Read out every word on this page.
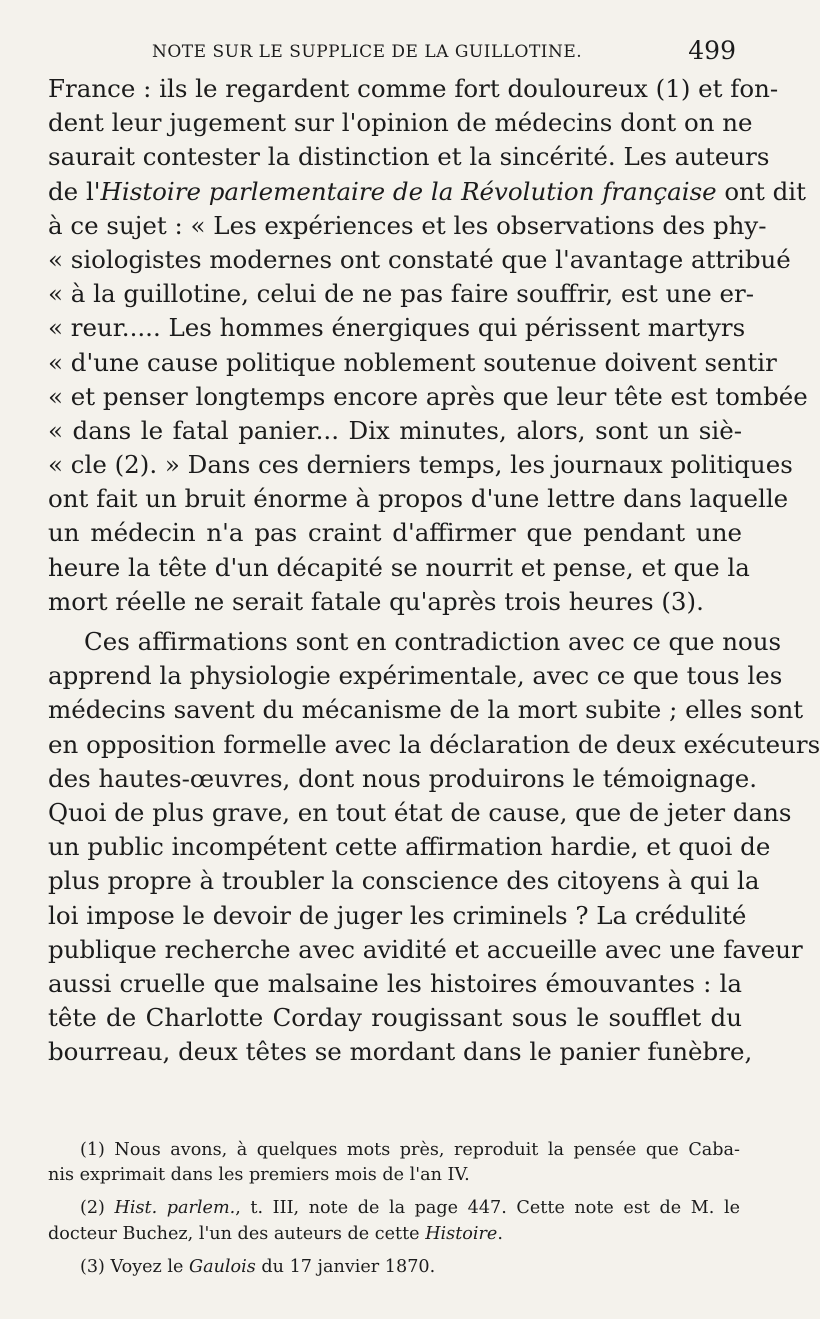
NOTE SUR LE SUPPLICE DE LA GUILLOTINE.	499
France : ils le regardent comme fort douloureux (1) et fon-
dent leur jugement sur l'opinion de médecins dont on ne
saurait contester la distinction et la sincérité. Les auteurs
de l'Histoire parlementaire de la Révolution française ont dit
à ce sujet : « Les expériences et les observations des phy-
« siologistes modernes ont constaté que l'avantage attribué
« à la guillotine, celui de ne pas faire souffrir, est une er-
« reur..... Les hommes énergiques qui périssent martyrs
« d'une cause politique noblement soutenue doivent sentir
« et penser longtemps encore après que leur tête est tombée
« dans le fatal panier... Dix minutes, alors, sont un siè-
« cle (2). » Dans ces derniers temps, les journaux politiques
ont fait un bruit énorme à propos d'une lettre dans laquelle
un médecin n'a pas craint d'affirmer que pendant une
heure la tête d'un décapité se nourrit et pense, et que la
mort réelle ne serait fatale qu'après trois heures (3).
Ces affirmations sont en contradiction avec ce que nous
apprend la physiologie expérimentale, avec ce que tous les
médecins savent du mécanisme de la mort subite ; elles sont
en opposition formelle avec la déclaration de deux exécuteurs
des hautes-œuvres, dont nous produirons le témoignage.
Quoi de plus grave, en tout état de cause, que de jeter dans
un public incompétent cette affirmation hardie, et quoi de
plus propre à troubler la conscience des citoyens à qui la
loi impose le devoir de juger les criminels ? La crédulité
publique recherche avec avidité et accueille avec une faveur
aussi cruelle que malsaine les histoires émouvantes : la
tête de Charlotte Corday rougissant sous le soufflet du
bourreau, deux têtes se mordant dans le panier funèbre,
(1) Nous avons, à quelques mots près, reproduit la pensée que Caba-
nis exprimait dans les premiers mois de l'an IV.
(2) Hist. parlem., t. III, note de la page 447. Cette note est de M. le
docteur Buchez, l'un des auteurs de cette Histoire.
(3) Voyez le Gaulois du 17 janvier 1870.
